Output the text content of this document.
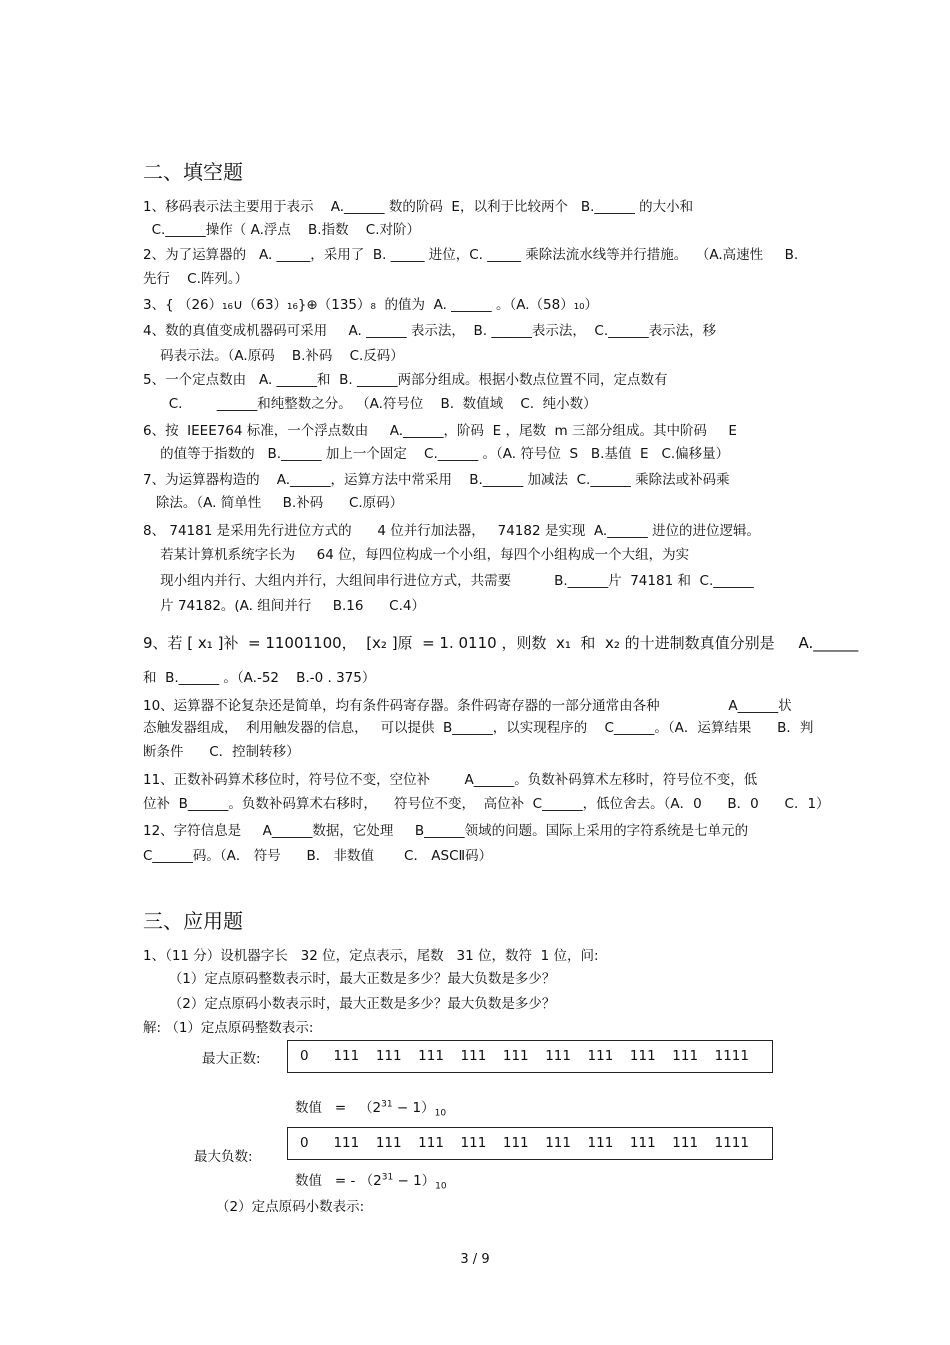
二、填空题
1、移码表示法主要用于表示    A.______ 数的阶码  E，以利于比较两个   B.______ 的大小和
C.______操作（ A.浮点    B.指数    C.对阶）
2、为了运算器的   A. _____，采用了  B. _____ 进位，C. _____ 乘除法流水线等并行措施。  （A.高速性     B.
先行    C.阵列。）
3、{ （26）₁₆∪（63）₁₆}⊕（135）₈  的值为  A. ______ 。（A.（58）₁₀）
4、数的真值变成机器码可采用     A. ______ 表示法，  B. ______表示法，  C.______表示法，移
码表示法。（A.原码    B.补码    C.反码）
5、一个定点数由   A. ______和  B. ______两部分组成。根据小数点位置不同，定点数有
C.        ______和纯整数之分。 （A.符号位    B.  数值域    C.  纯小数）
6、按  IEEE764 标准，一个浮点数由     A.______，阶码  E ，尾数  m 三部分组成。其中阶码     E
的值等于指数的   B.______ 加上一个固定    C.______ 。（A. 符号位  S   B.基值  E   C.偏移量）
7、为运算器构造的    A.______，运算方法中常采用    B.______ 加减法  C.______ 乘除法或补码乘
除法。（A. 简单性     B.补码      C.原码）
8、 74181 是采用先行进位方式的      4 位并行加法器，   74182 是实现  A.______ 进位的进位逻辑。
若某计算机系统字长为     64 位，每四位构成一个小组，每四个小组构成一个大组，为实
现小组内并行、大组内并行，大组间串行进位方式，共需要          B.______片  74181 和  C.______
片 74182。(A. 组间并行     B.16      C.4）
9、若 [ x₁ ]补  = 11001100，  [x₂ ]原  = 1. 0110 ，则数  x₁  和  x₂ 的十进制数真值分别是     A.______
和  B.______ 。（A.-52    B.-0 . 375）
10、运算器不论复杂还是简单，均有条件码寄存器。条件码寄存器的一部分通常由各种                A______状
态触发器组成，  利用触发器的信息，   可以提供  B______，以实现程序的    C______。（A．运算结果      B．判
断条件      C．控制转移）
11、正数补码算术移位时，符号位不变，空位补        A______。负数补码算术左移时，符号位不变，低
位补  B______。负数补码算术右移时，    符号位不变，  高位补  C______，低位舍去。（A．0      B．0      C．1）
12、字符信息是     A______数据，它处理     B______领域的问题。国际上采用的字符系统是七单元的
C______码。（A． 符号      B． 非数值       C． ASCⅡ码）
三、应用题
1、（11 分）设机器字长   32 位，定点表示，尾数   31 位，数符  1 位，问:
（1）定点原码整数表示时，最大正数是多少？最大负数是多少？
（2）定点原码小数表示时，最大正数是多少？最大负数是多少？
解: （1）定点原码整数表示:
最大正数:	0   111  111  111  111  111  111  111  111  111  1111
数值   =   $(2^{31} - 1)_{10}$
最大负数:
0   111  111  111  111  111  111  111  111  111  1111
数值   = - $(2^{31} - 1)_{10}$
（2）定点原码小数表示:
3 / 9
